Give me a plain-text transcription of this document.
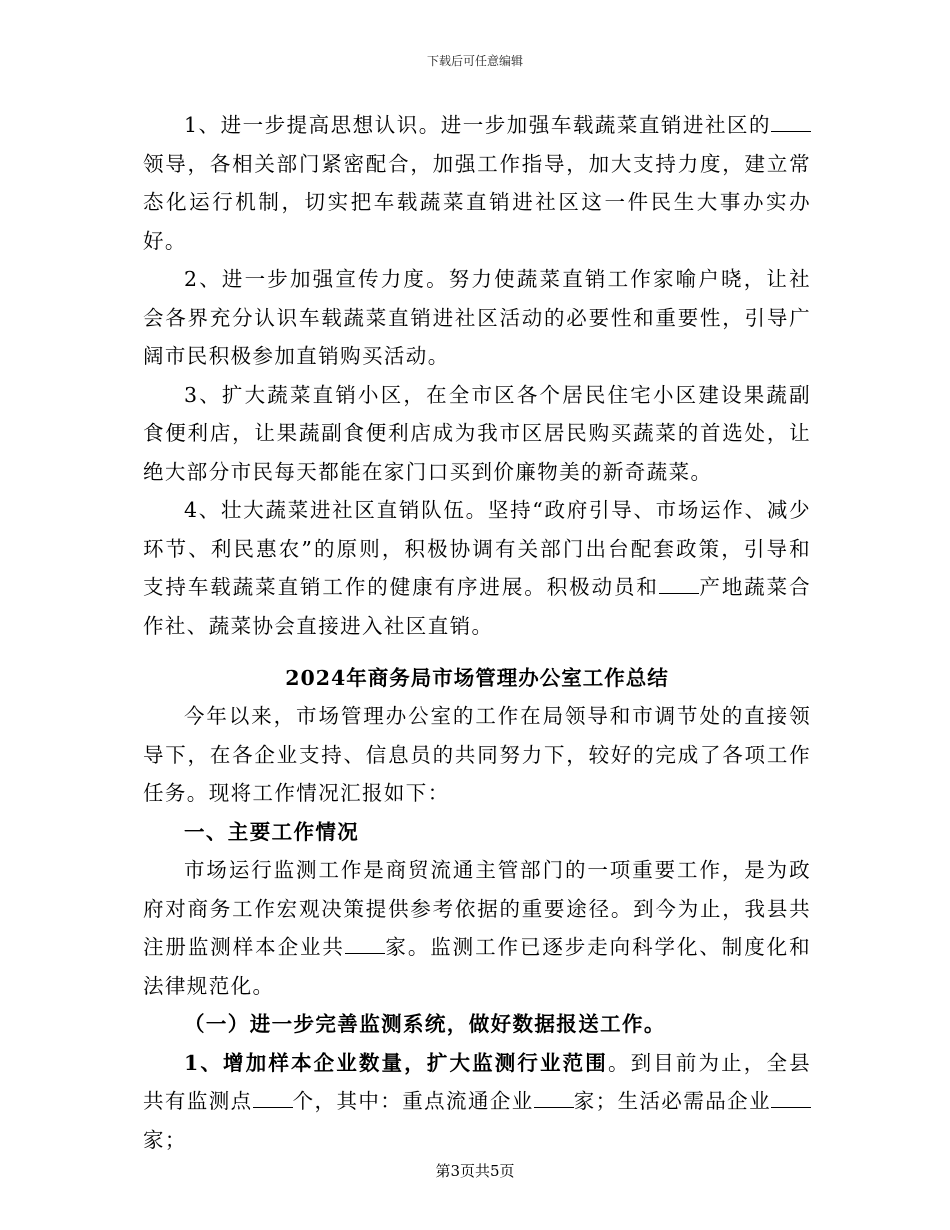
下载后可任意编辑

1、进一步提高思想认识。进一步加强车载蔬菜直销进社区的领导，各相关部门紧密配合，加强工作指导，加大支持力度，建立常态化运行机制，切实把车载蔬菜直销进社区这一件民生大事办实办好。

2、进一步加强宣传力度。努力使蔬菜直销工作家喻户晓，让社会各界充分认识车载蔬菜直销进社区活动的必要性和重要性，引导广阔市民积极参加直销购买活动。

3、扩大蔬菜直销小区，在全市区各个居民住宅小区建设果蔬副食便利店，让果蔬副食便利店成为我市区居民购买蔬菜的首选处，让绝大部分市民每天都能在家门口买到价廉物美的新奇蔬菜。

4、壮大蔬菜进社区直销队伍。坚持“政府引导、市场运作、减少环节、利民惠农”的原则，积极协调有关部门出台配套政策，引导和支持车载蔬菜直销工作的健康有序进展。积极动员和 产地蔬菜合作社、蔬菜协会直接进入社区直销。

2024年商务局市场管理办公室工作总结

今年以来，市场管理办公室的工作在局领导和市调节处的直接领导下，在各企业支持、信息员的共同努力下，较好的完成了各项工作任务。现将工作情况汇报如下：

一、主要工作情况

市场运行监测工作是商贸流通主管部门的一项重要工作，是为政府对商务工作宏观决策提供参考依据的重要途径。到今为止，我县共注册监测样本企业共 家。监测工作已逐步走向科学化、制度化和法律规范化。

（一）进一步完善监测系统，做好数据报送工作。

1、增加样本企业数量，扩大监测行业范围。到目前为止，全县共有监测点 个，其中：重点流通企业 家；生活必需品企业家；

第3页共5页
